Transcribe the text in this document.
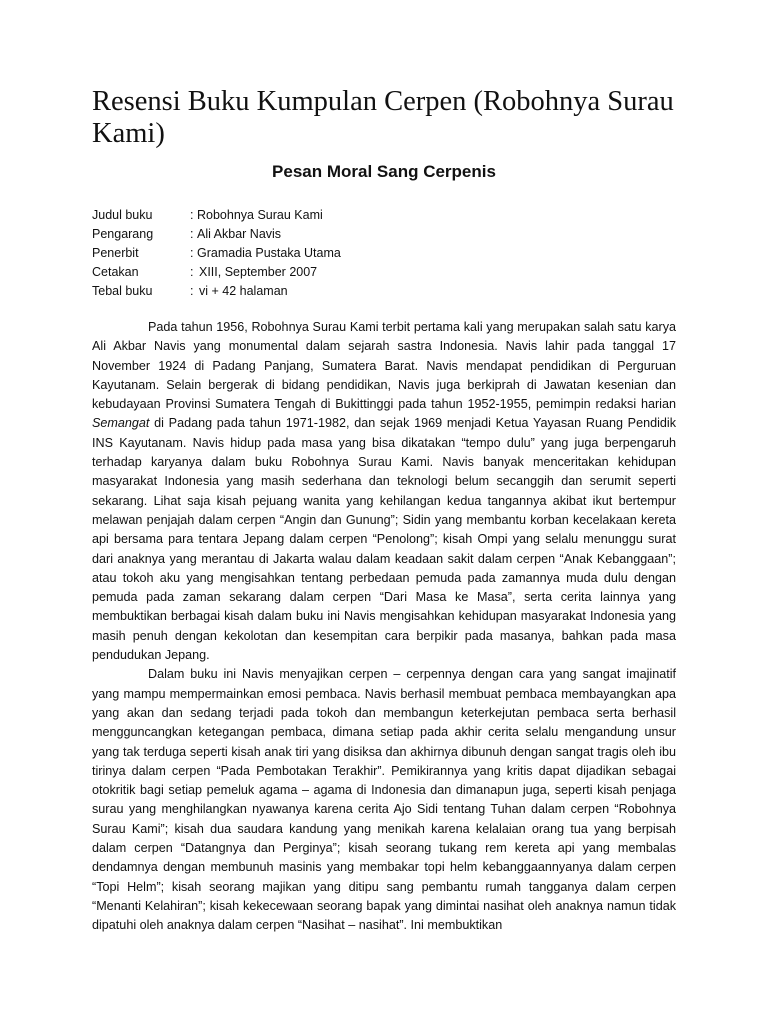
Resensi Buku Kumpulan Cerpen (Robohnya Surau Kami)
Pesan Moral Sang Cerpenis
Judul buku	: Robohnya Surau Kami
Pengarang	: Ali Akbar Navis
Penerbit	: Gramadia Pustaka Utama
Cetakan	: XIII, September 2007
Tebal buku	: vi + 42 halaman

Pada tahun 1956, Robohnya Surau Kami terbit pertama kali yang merupakan salah satu karya Ali Akbar Navis yang monumental dalam sejarah sastra Indonesia. Navis lahir pada tanggal 17 November 1924 di Padang Panjang, Sumatera Barat. Navis mendapat pendidikan di Perguruan Kayutanam. Selain bergerak di bidang pendidikan, Navis juga berkiprah di Jawatan kesenian dan kebudayaan Provinsi Sumatera Tengah di Bukittinggi pada tahun 1952-1955, pemimpin redaksi harian Semangat di Padang pada tahun 1971-1982, dan sejak 1969 menjadi Ketua Yayasan Ruang Pendidik INS Kayutanam. Navis hidup pada masa yang bisa dikatakan “tempo dulu” yang juga berpengaruh terhadap karyanya dalam buku Robohnya Surau Kami. Navis banyak menceritakan kehidupan masyarakat Indonesia yang masih sederhana dan teknologi belum secanggih dan serumit seperti sekarang. Lihat saja kisah pejuang wanita yang kehilangan kedua tangannya akibat ikut bertempur melawan penjajah dalam cerpen “Angin dan Gunung”; Sidin yang membantu korban kecelakaan kereta api bersama para tentara Jepang dalam cerpen “Penolong”; kisah Ompi yang selalu menunggu surat dari anaknya yang merantau di Jakarta walau dalam keadaan sakit dalam cerpen “Anak Kebanggaan”; atau tokoh aku yang mengisahkan tentang perbedaan pemuda pada zamannya muda dulu dengan pemuda pada zaman sekarang dalam cerpen “Dari Masa ke Masa”, serta cerita lainnya yang membuktikan berbagai kisah dalam buku ini Navis mengisahkan kehidupan masyarakat Indonesia yang masih penuh dengan kekolotan dan kesempitan cara berpikir pada masanya, bahkan pada masa pendudukan Jepang.

Dalam buku ini Navis menyajikan cerpen – cerpennya dengan cara yang sangat imajinatif yang mampu mempermainkan emosi pembaca. Navis berhasil membuat pembaca membayangkan apa yang akan dan sedang terjadi pada tokoh dan membangun keterkejutan pembaca serta berhasil mengguncangkan ketegangan pembaca, dimana setiap pada akhir cerita selalu mengandung unsur yang tak terduga seperti kisah anak tiri yang disiksa dan akhirnya dibunuh dengan sangat tragis oleh ibu tirinya dalam cerpen “Pada Pembotakan Terakhir”. Pemikirannya yang kritis dapat dijadikan sebagai otokritik bagi setiap pemeluk agama – agama di Indonesia dan dimanapun juga, seperti kisah penjaga surau yang menghilangkan nyawanya karena cerita Ajo Sidi tentang Tuhan dalam cerpen “Robohnya Surau Kami”; kisah dua saudara kandung yang menikah karena kelalaian orang tua yang berpisah dalam cerpen “Datangnya dan Perginya”; kisah seorang tukang rem kereta api yang membalas dendamnya dengan membunuh masinis yang membakar topi helm kebanggaannyanya dalam cerpen “Topi Helm”; kisah seorang majikan yang ditipu sang pembantu rumah tangganya dalam cerpen “Menanti Kelahiran”; kisah kekecewaan seorang bapak yang dimintai nasihat oleh anaknya namun tidak dipatuhi oleh anaknya dalam cerpen “Nasihat – nasihat”. Ini membuktikan
